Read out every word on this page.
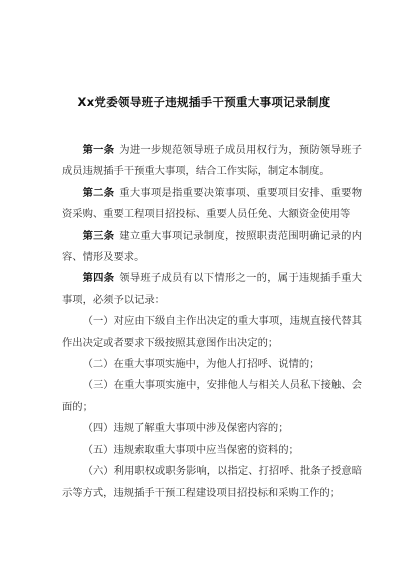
Xx党委领导班子违规插手干预重大事项记录制度

第一条 为进一步规范领导班子成员用权行为，预防领导班子成员违规插手干预重大事项，结合工作实际，制定本制度。

第二条 重大事项是指重要决策事项、重要项目安排、重要物资采购、重要工程项目招投标、重要人员任免、大额资金使用等

第三条 建立重大事项记录制度，按照职责范围明确记录的内容、情形及要求。

第四条 领导班子成员有以下情形之一的，属于违规插手重大事项，必须予以记录：

（一）对应由下级自主作出决定的重大事项，违规直接代替其作出决定或者要求下级按照其意图作出决定的；

（二）在重大事项实施中，为他人打招呼、说情的；

（三）在重大事项实施中，安排他人与相关人员私下接触、会面的；

（四）违规了解重大事项中涉及保密内容的；

（五）违规索取重大事项中应当保密的资料的；

（六）利用职权或职务影响，以指定、打招呼、批条子授意暗示等方式，违规插手干预工程建设项目招投标和采购工作的；
